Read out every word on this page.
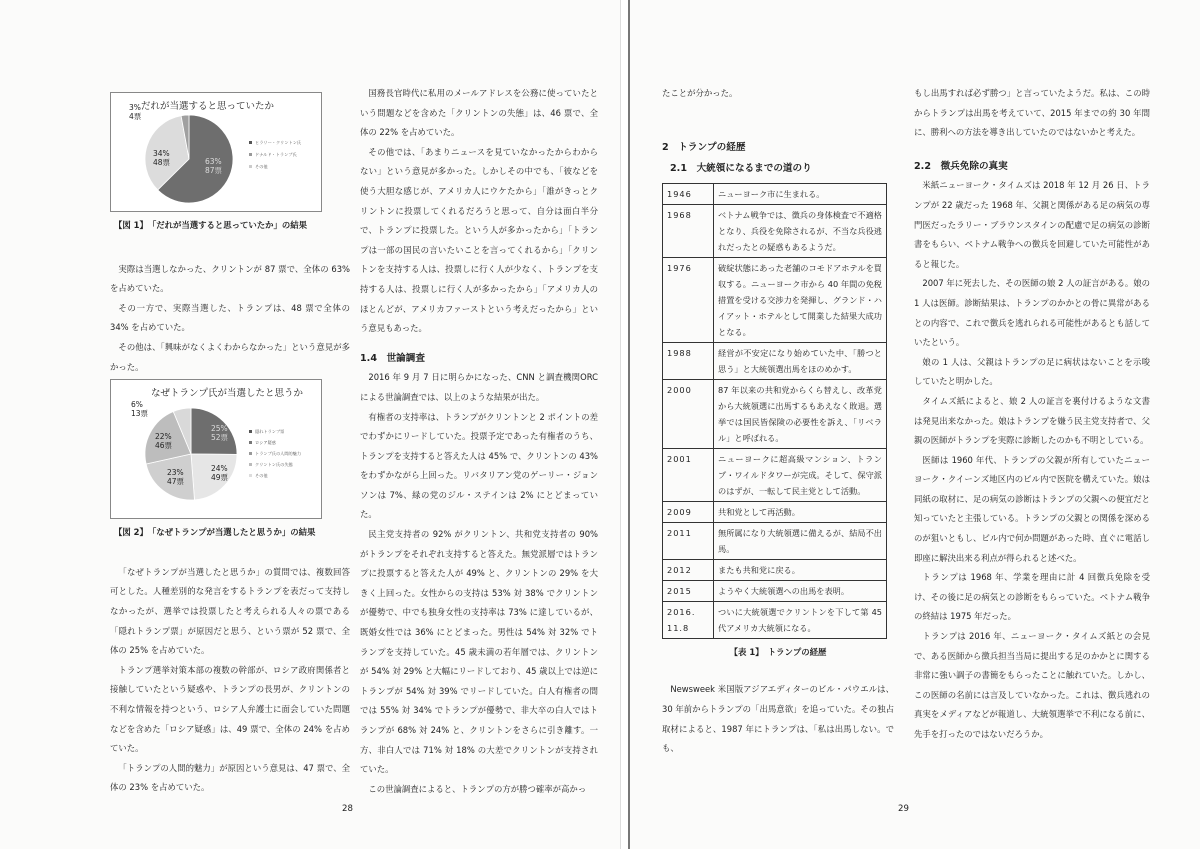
だれが当選すると思っていたか
ヒラリー・クリントン氏
ドナルド・トランプ氏
その他
3%
4票
63%
87票
34%
48票
【図 1】　「だれが当選すると思っていたか」の結果

実際は当選しなかった、クリントンが 87 票で、全体の 63% を占めていた。

その一方で、実際当選した、トランプは、48 票で全体の 34% を占めていた。

その他は、「興味がなくよくわからなかった」という意見が多かった。

なぜトランプ氏が当選したと思うか
隠れトランプ票
ロシア疑惑
トランプ氏の人間的魅力
クリントン氏の失態
その他
6%
13票
25%
52票
24%
49票
23%
47票
22%
46票
【図 2】　「なぜトランプが当選したと思うか」の結果

「なぜトランプが当選したと思うか」の質問では、複数回答可とした。人種差別的な発言をするトランプを表だって支持しなかったが、選挙では投票したと考えられる人々の票である「隠れトランプ票」が原因だと思う、という票が 52 票で、全体の 25% を占めていた。

トランプ選挙対策本部の複数の幹部が、ロシア政府関係者と接触していたという疑惑や、トランプの長男が、クリントンの不利な情報を持つという、ロシア人弁護士に面会していた問題などを含めた「ロシア疑惑」は、49 票で、全体の 24% を占めていた。

「トランプの人間的魅力」が原因という意見は、47 票で、全体の 23% を占めていた。

国務長官時代に私用のメールアドレスを公務に使っていたという問題などを含めた「クリントンの失態」は、46 票で、全体の 22% を占めていた。

その他では、「あまりニュースを見ていなかったからわからない」という意見が多かった。しかしその中でも、「彼などを使う大胆な感じが、アメリカ人にウケたから」「誰がきっとクリントンに投票してくれるだろうと思って、自分は面白半分で、トランプに投票した。という人が多かったから」「トランプは一部の国民の言いたいことを言ってくれるから」「クリントンを支持する人は、投票しに行く人が少なく、トランプを支持する人は、投票しに行く人が多かったから」「アメリカ人のほとんどが、アメリカファーストという考えだったから」という意見もあった。

1.4　世論調査

2016 年 9 月 7 日に明らかになった、CNN と調査機関ORCによる世論調査では、以上のような結果が出た。

有権者の支持率は、トランプがクリントンと 2 ポイントの差でわずかにリードしていた。投票予定であった有権者のうち、トランプを支持すると答えた人は 45% で、クリントンの 43% をわずかながら上回った。リバタリアン党のゲーリー・ジョンソンは 7%、緑の党のジル・ステインは 2% にとどまっていた。

民主党支持者の 92% がクリントン、共和党支持者の 90% がトランプをそれぞれ支持すると答えた。無党派層ではトランプに投票すると答えた人が 49% と、クリントンの 29% を大きく上回った。女性からの支持は 53% 対 38% でクリントンが優勢で、中でも独身女性の支持率は 73% に達しているが、既婚女性では 36% にとどまった。男性は 54% 対 32% でトランプを支持していた。45 歳未満の若年層では、クリントンが 54% 対 29% と大幅にリードしており、45 歳以上では逆にトランプが 54% 対 39% でリードしていた。白人有権者の間では 55% 対 34% でトランプが優勢で、非大卒の白人ではトランプが 68% 対 24% と、クリントンをさらに引き離す。一方、非白人では 71% 対 18% の大差でクリントンが支持されていた。

この世論調査によると、トランプの方が勝つ確率が高かっ

28

たことが分かった。

2　トランプの経歴
2.1　大統領になるまでの道のり
1946	ニューヨーク市に生まれる。
1968	ベトナム戦争では、徴兵の身体検査で不適格となり、兵役を免除されるが、不当な兵役逃れだったとの疑惑もあるようだ。
1976	破綻状態にあった老舗のコモドアホテルを買収する。ニューヨーク市から 40 年間の免税措置を受ける交渉力を発揮し、グランド・ハイアット・ホテルとして開業した結果大成功となる。
1988	経営が不安定になり始めていた中、「勝つと思う」と大統領選出馬をほのめかす。
2000	87 年以来の共和党からくら替えし、改革党から大統領選に出馬するもあえなく敗退。選挙では国民皆保険の必要性を訴え、「リベラル」と呼ばれる。
2001	ニューヨークに超高級マンション、トランプ・ワイルドタワーが完成。そして、保守派のはずが、一転して民主党として活動。
2009	共和党として再活動。
2011	無所属になり大統領選に備えるが、結局不出馬。
2012	またも共和党に戻る。
2015	ようやく大統領選への出馬を表明。
2016.
11.8	ついに大統領選でクリントンを下して第 45 代アメリカ大統領になる。
【表 1】　トランプの経歴

Newsweek 米国版アジアエディターのビル・パウエルは、30 年前からトランプの「出馬意欲」を追っていた。その独占取材によると、1987 年にトランプは、「私は出馬しない。でも、

もし出馬すれば必ず勝つ」と言っていたようだ。私は、この時からトランプは出馬を考えていて、2015 年までの約 30 年間に、勝利への方法を導き出していたのではないかと考えた。

2.2　徴兵免除の真実

米紙ニューヨーク・タイムズは 2018 年 12 月 26 日、トランプが 22 歳だった 1968 年、父親と関係がある足の病気の専門医だったラリー・ブラウンスタインの配慮で足の病気の診断書をもらい、ベトナム戦争への徴兵を回避していた可能性があると報じた。

2007 年に死去した、その医師の娘 2 人の証言がある。娘の 1 人は医師。診断結果は、トランプのかかとの骨に異常があるとの内容で、これで徴兵を逃れられる可能性があるとも話していたという。

娘の 1 人は、父親はトランプの足に病状はないことを示唆していたと明かした。

タイムズ紙によると、娘 2 人の証言を裏付けるような文書は発見出来なかった。娘はトランプを嫌う民主党支持者で、父親の医師がトランプを実際に診断したのかも不明としている。

医師は 1960 年代、トランプの父親が所有していたニューヨーク・クイーンズ地区内のビル内で医院を構えていた。娘は同紙の取材に、足の病気の診断はトランプの父親への便宜だと知っていたと主張している。トランプの父親との関係を深めるのが狙いともし、ビル内で何か問題があった時、直ぐに電話し即座に解決出来る利点が得られると述べた。

トランプは 1968 年、学業を理由に計 4 回徴兵免除を受け、その後に足の病気との診断をもらっていた。ベトナム戦争の終結は 1975 年だった。

トランプは 2016 年、ニューヨーク・タイムズ紙との会見で、ある医師から徴兵担当当局に提出する足のかかとに関する非常に強い調子の書簡をもらったことに触れていた。しかし、この医師の名前には言及していなかった。これは、徴兵逃れの真実をメディアなどが報道し、大統領選挙で不利になる前に、先手を打ったのではないだろうか。

29
